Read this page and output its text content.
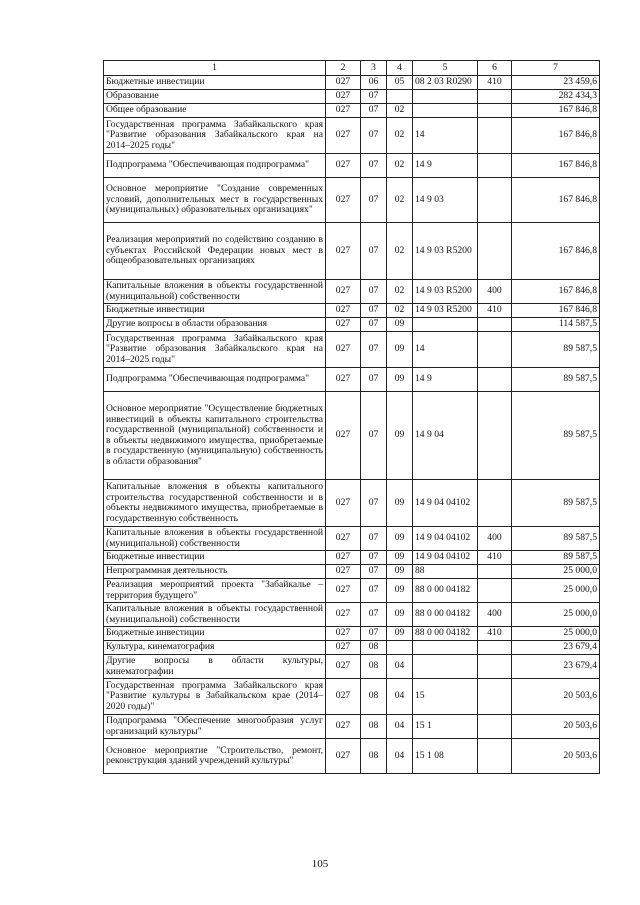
1	2	3	4	5	6	7
Бюджетные инвестиции	027	06	05	08 2 03 R0290	410	23 459,6
Образование	027	07				282 434,3
Общее образование	027	07	02			167 846,8
Государственная программа Забайкальского края "Развитие образования Забайкальского края на 2014–2025 годы"	027	07	02	14		167 846,8
Подпрограмма "Обеспечивающая подпрограмма"	027	07	02	14 9		167 846,8
Основное мероприятие "Создание современных условий, дополнительных мест в государственных (муниципальных) образовательных организациях"	027	07	02	14 9 03		167 846,8
Реализация мероприятий по содействию созданию в субъектах Российской Федерации новых мест в общеобразовательных организациях	027	07	02	14 9 03 R5200		167 846,8
Капитальные вложения в объекты государственной (муниципальной) собственности	027	07	02	14 9 03 R5200	400	167 846,8
Бюджетные инвестиции	027	07	02	14 9 03 R5200	410	167 846,8
Другие вопросы в области образования	027	07	09			114 587,5
Государственная программа Забайкальского края "Развитие образования Забайкальского края на 2014–2025 годы"	027	07	09	14		89 587,5
Подпрограмма "Обеспечивающая подпрограмма"	027	07	09	14 9		89 587,5
Основное мероприятие "Осуществление бюджетных инвестиций в объекты капитального строительства государственной (муниципальной) собственности и в объекты недвижимого имущества, приобретаемые в государственную (муниципальную) собственность в области образования"	027	07	09	14 9 04		89 587,5
Капитальные вложения в объекты капитального строительства государственной собственности и в объекты недвижимого имущества, приобретаемые в государственную собственность	027	07	09	14 9 04 04102		89 587,5
Капитальные вложения в объекты государственной (муниципальной) собственности	027	07	09	14 9 04 04102	400	89 587,5
Бюджетные инвестиции	027	07	09	14 9 04 04102	410	89 587,5
Непрограммная деятельность	027	07	09	88		25 000,0
Реализация мероприятий проекта "Забайкалье – территория будущего"	027	07	09	88 0 00 04182		25 000,0
Капитальные вложения в объекты государственной (муниципальной) собственности	027	07	09	88 0 00 04182	400	25 000,0
Бюджетные инвестиции	027	07	09	88 0 00 04182	410	25 000,0
Культура, кинематография	027	08				23 679,4
Другие вопросы в области культуры, кинематографии	027	08	04			23 679,4
Государственная программа Забайкальского края "Развитие культуры в Забайкальском крае (2014–2020 годы)"	027	08	04	15		20 503,6
Подпрограмма "Обеспечение многообразия услуг организаций культуры"	027	08	04	15 1		20 503,6
Основное мероприятие "Строительство, ремонт, реконструкция зданий учреждений культуры"	027	08	04	15 1 08		20 503,6
105
